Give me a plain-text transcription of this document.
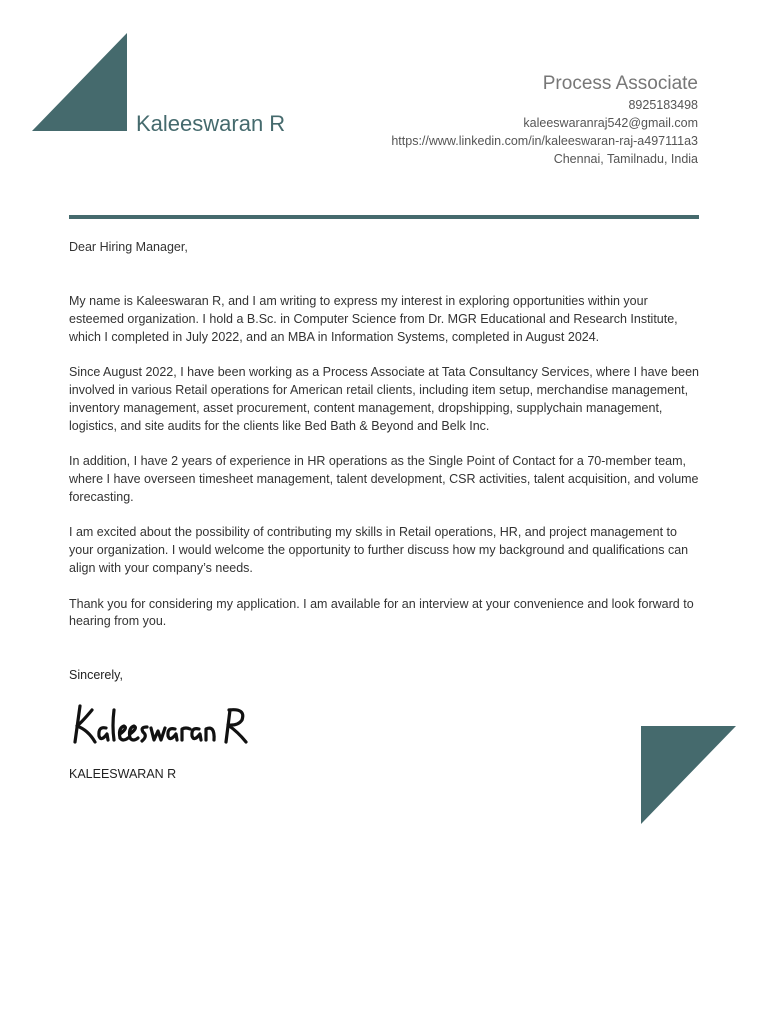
Kaleeswaran R
Process Associate
8925183498
kaleeswaranraj542@gmail.com
https://www.linkedin.com/in/kaleeswaran-raj-a497111a3
Chennai, Tamilnadu, India
Dear Hiring Manager,

My name is Kaleeswaran R, and I am writing to express my interest in exploring opportunities within your esteemed organization. I hold a B.Sc. in Computer Science from Dr. MGR Educational and Research Institute, which I completed in July 2022, and an MBA in Information Systems, completed in August 2024.

Since August 2022, I have been working as a Process Associate at Tata Consultancy Services, where I have been involved in various Retail operations for American retail clients, including item setup, merchandise management, inventory management, asset procurement, content management, dropshipping, supplychain management, logistics, and site audits for the clients like Bed Bath & Beyond and Belk Inc.

In addition, I have 2 years of experience in HR operations as the Single Point of Contact for a 70-member team, where I have overseen timesheet management, talent development, CSR activities, talent acquisition, and volume forecasting.

I am excited about the possibility of contributing my skills in Retail operations, HR, and project management to your organization. I would welcome the opportunity to further discuss how my background and qualifications can align with your company’s needs.

Thank you for considering my application. I am available for an interview at your convenience and look forward to hearing from you.

Sincerely,
KALEESWARAN R
